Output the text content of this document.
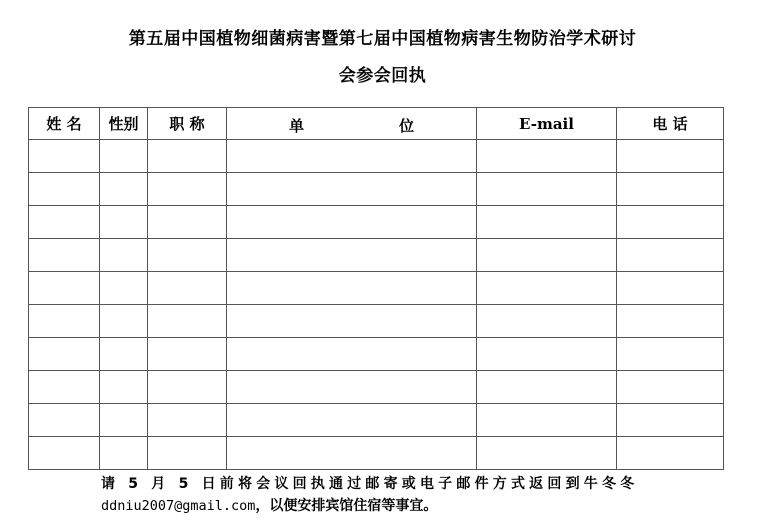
第五届中国植物细菌病害暨第七届中国植物病害生物防治学术研讨
会参会回执
姓 名	性别	职 称	单 位	E-mail	电 话

请 5 月 5 日前将会议回执通过邮寄或电子邮件方式返回到牛冬冬
ddniu2007@gmail.com，以便安排宾馆住宿等事宜。
